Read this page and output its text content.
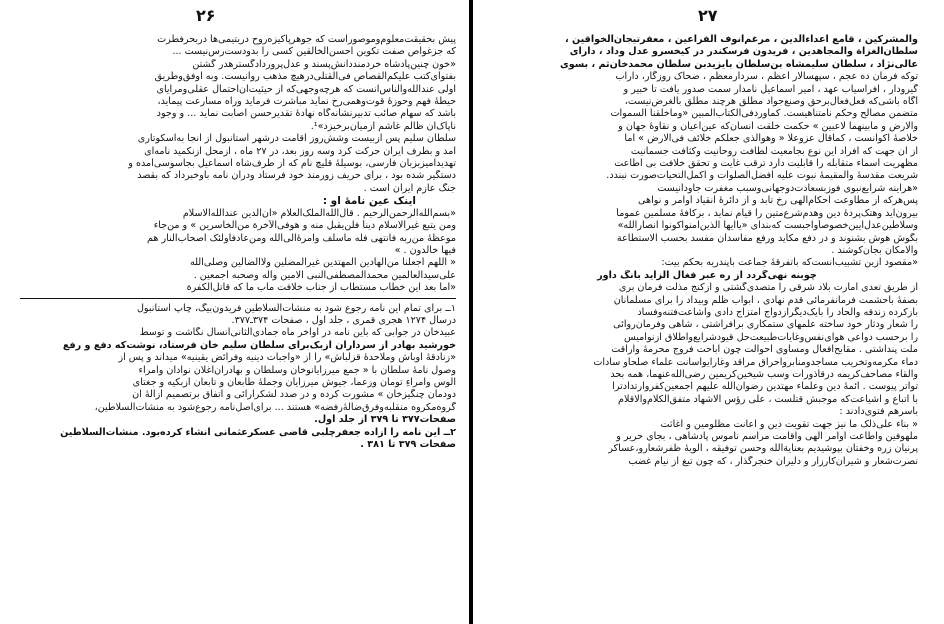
۲۶
پیش بحقیقت‌معلوم‌وموصوراست که جوهرپاکیزه‌روح دریتیمی‌ها دربحرفطرت
که جزغواص صفت تکوین احسن‌الخالقین کسی را بدودست‌رس‌نیست ...
«خون چنین‌پادشاه‌ خردمند‌دانش‌پسند و عدل‌پروردادگسترهدر گشتن
بفتوای‌کتب علیکم‌القصاص فی‌القتلی‌درهیچ‌ مذهب‌ روانیست. وبه اوفق‌وطریق
اولی عنداللّه‌والناس‌آنست که هرچه‌وجهی‌که از حیثیت‌‌آن‌احتمال عقلی‌ومرایای
حیطهٔ فهم وحوزهٔ قوت‌وهمی‌رخ نماید مباشرت فرماید وراه مسارعت پیماید،
باشد که سهام صائب تدبیرنشانه‌گاه نهادهٔ تقدیرحسن اصابت نماید ... و وجود
ناپاک‌آن ظالم غاشم ازمیان‌برخیزد»¹.
سلطان سلیم پس ازبیست وشش‌روز اقامت درشهر استانبول از آنجا به‌اسکوتاری
آمد و بطرف ایران حرکت کرد وسه روز بعد، در ۲۷ ماه ، ازمحل ازنکمید نامه‌ای
تهدیدآمیزبزبان فارسی، بوسیلهٔ قلیچ نام که از طرف‌شاه اسماعیل بجاسوسی‌آمده و
دستگیر شده بود ، برای حریف زورمند خود فرستاد ودرآن نامه باوخبرداد که بقصد
جنگ عازم ایران است .
اینک عین نامهٔ او :
«بسم‌اللّه‌الرحمن‌الرحیم . قال‌اللّه‌الملک‌العلام «ان‌الدین عنداللّه‌الاسلام
ومن یتبع غیرالاسلام دیناً فلن‌یقبل منه و هوفی‌الآخرة من‌الخاسرین » و من‌جاء
موعظهٔ من‌ربه فانتهی فله ماسلف وامرهٔ‌الی‌اللّه ومن‌عادفاولئک اصحاب‌النار هم
فیها خالدون . »
« اللهم اجعلنا من‌الهادین المهتدین غیرالمضلین ولاالضالین وصلی‌اللّه
علی‌سیدالعالمین محمدالمصطفی‌النبی الامین وآله وصحبه اجمعین .
«اما بعد این خطاب مستطاب از جناب خلافت مآب ما که قاتل‌الکفرة
۱ــ برای تمام این نامه رجوع شود به منشآت‌السلاطین فریدون‌بیگ، چاپ استانبول
درسال ۱۲۷۴ هجری قمری ، جلد اول ، صفحات ۳۷۴ـ۳۷۷.
عبیدخان در جوابی که باین نامه در اواخر ماه جمادی‌الثانی‌آنسال نگاشت و توسط
خورشید بهادر از سرداران ازبک‌برای سلطان سلیم خان فرستاد، نوشت‌که دفع و رفع
«زنادقهٔ اوباش وملاحدهٔ قزلباش» را از «واجبات دینیه وفرائض یقینیه» میداند و پس از
وصول نامهٔ سلطان با « جمع میرزایانوخان وسلطان و بهادران‌اغلان نوادان وامراء
الوس وامراءِ تومان وزعما، جیوش میرزایان وجملهٔ طابعان و تابعان ازبکیه و جغتای
دودمان چنگیزخان » مشورت کرده و در صدد لشکرآرائی و اتفاق برتصمیم ازالهٔ آن
گروه‌مکروه منقلبه‌وفرق‌ضالهٔ‌رفضه» هستند ... برای‌اصل‌نامه رجوع‌شود‌ به منشآت‌السلاطین،
صفحات‌۳۷۷ تا ۳۷۹ از جلد اول.
۲ــ این نامه را ازاده جعفرچلبی قاضی عسکرعثمانی انشاء کرده‌بود. منشآت‌السلاطین
صفحات ۳۷۹ تا ۳۸۱ .
۲۷
والمشرکین ، قامع اعداءالدین ، مرغم‌انوف الفراعین ، معفرتیجان‌الخواقین ،
سلطان‌الغزاة والمجاهدین ، فریدون فرسکندر در کیخسرو عدل وداد ، دارای
عالی‌نژاد ، سلطان سلیمشاه بن‌سلطان بایزیدبن سلطان محمدخان‌ثم ، بسوی
توکه‌ فرمان ده عجم ، سپهسالار اعظم ، سردارمعظم ، ضحاک روزگار، داراب
گیرودار ، افراسیاب عهد ، امیر اسماعیل نامدار سمت صدور یافت تا خبیر و
آگاه باشی‌که فعل‌فعال‌برحق وصنع‌جواد مطلق هرچند مطلق بالغرض‌نیست،
متضمن مصالح وحکم نامتناهیست. کماورد‌فی‌الکتاب‌المبین «وماخلقنا السموات
والارض و مابینهما لاعبین » حکمت خلقت انسان‌که عین‌اعیان و نقاوهٔ جهان و
خلاصهٔ اکوانست ، کماقال عزوعلا « وهوالذی جعلکم خلائف فی‌الارض » اما
از آن جهت که افراد این نوع بجامعیت لطافت روحانیت وکثافت جسمانیت
مظهریت اسماء متقابله را قابلیت دارد ترقب غایت و تحقق خلافت بی اطاعت
شریعت مقدسهٔ والمقیمهٔ نبوت علیه افضل‌الصلوات و اکمل‌التحیات‌صورت نبندد.
«هرآینه شرایع‌نبوی فوزبسعادت‌دوجهانی‌وسبب مغفرت جاودانیست
پس‌هرکه از مطاوعت احکام‌الهی رخ تابد و از دائرهٔ انقیاد اوامر و نواهی
بیرون‌آید وهتک‌پردهٔ دین وهدم‌شرع‌متین را قیام نماید ، برکافهٔ مسلمین عموماً
وسلاطین‌عدل‌آیین‌خصوصاً‌واجبست که‌بندای «یاایها الذین‌آمنواکونوا انصاراللّه»
بگوش هوش بشنوند و در دفع مکاید ورفع مفاسدآن مفسد بحسب الاستطاعة
والامکان بجان‌کوشند .
«مقصود ازین تشبیب‌آنست‌که باتفرقهٔ جماعت باپندریه بحکم بیت:
چوبنه نهی‌گردد از ره عبر فغال الزآید بانگ داور
از طریق تعدی امارت بلاد شرقی را متصدی‌گشتی و از‌کنج مذلت فرمان بری
بصفهٔ باحشمت فرمانفرمائی قدم نهادی ، ابواب ظلم وبیداد را برای مسلمانان
بازکرده زندقه والحاد را بایک‌دیگر‌ازدواج امتزاج دادی واشاعت‌فتنه‌وفساد
را شعار ودثار خود ساخته علمهای ستمکاری برافراشتی ، شاهی وفرمان‌روائی
را برحسب دواعی هوای‌نفس‌وغایات‌طبیعت‌حل قیودشرایع‌واطلاق ازنوامیس
ملت پنداشتی . مقابح‌افعال ومساوی احوالت چون اباحت فروج محرمهٔ واراقت
دماء مکرمه‌وتخریب مساجد‌ومنابر‌واحراق مراقد وغارایواسانت علماء صلحاو سادات
والقاء مصاحف‌کریمه درقاذورات وسب شیخین‌کریمین رضی‌اللّه‌عنهما، همه بحد
تواتر پیوست . ائمهٔ دین وعلماء مهتدین رضوان‌اللّه علیهم اجمعین‌کفروارتدادترا
با اتباع و اشیاعت‌که موجبش قتلست ، علی رؤس الاشهاد متفق‌الکلام‌والاقلام
باسرهم فتوی‌دادند :
« بناء علی‌ذلک ما نیز جهت تقویت دین و اعانت مظلومین و اغاثت
ملهوفین واطاعت اوامر الهی واقامت مراسم ناموس پادشاهی ، بجای حریر و
پرنیان زره وخفتان بپوشیدیم بعنایةاللّه وحسن توفیقه ، الویهٔ ظفرشعارو،عساکر
نصرت‌شعار و شیران‌کارزار و دلیران خنجرگذار ، که چون تیغ از نیام غضب
